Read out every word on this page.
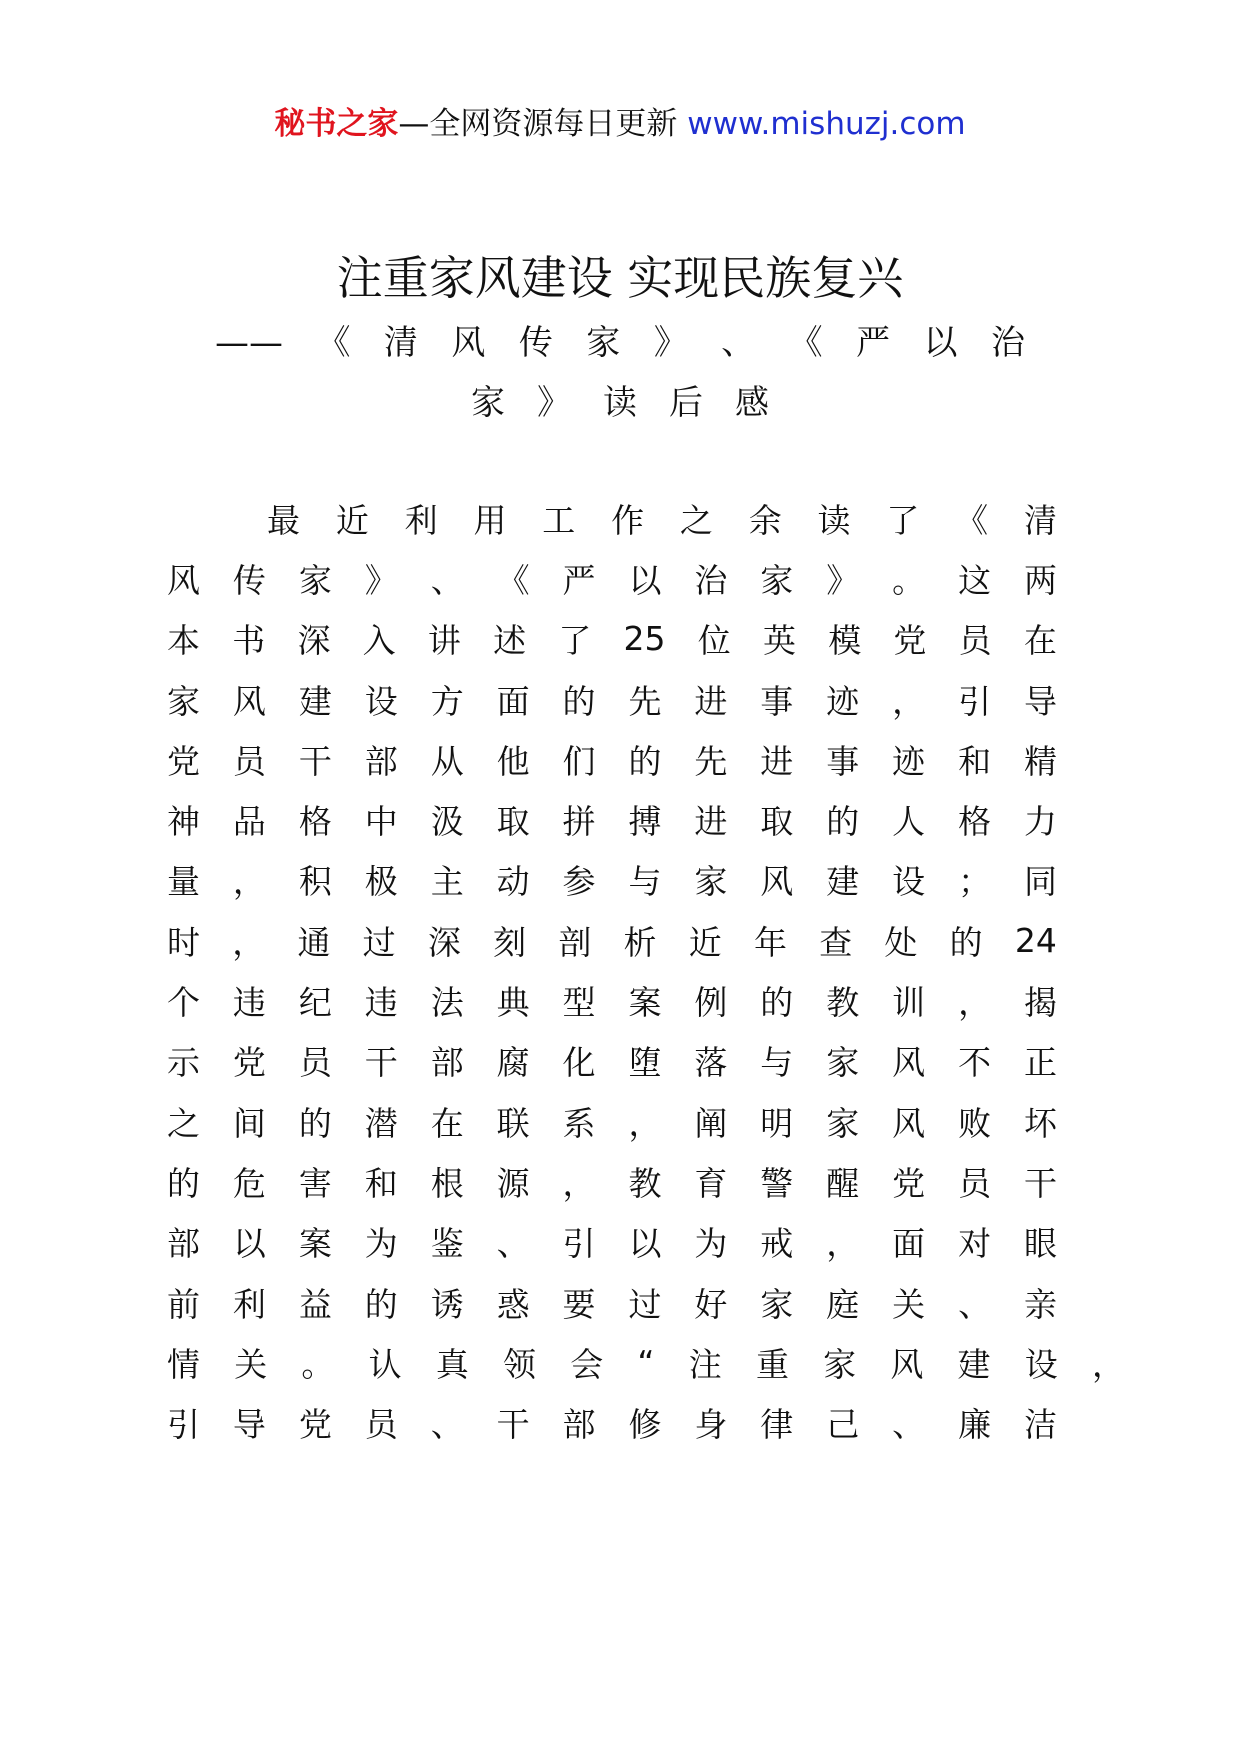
秘书之家—全网资源每日更新 www.mishuzj.com
注重家风建设 实现民族复兴
—— 《 清 风 传 家 》 、 《 严 以 治
家 》 读 后 感
最 近 利 用 工 作 之 余 读 了 《 清
风 传 家 》 、 《 严 以 治 家 》 。 这 两
本 书 深 入 讲 述 了 25 位 英 模 党 员 在
家 风 建 设 方 面 的 先 进 事 迹 ， 引 导
党 员 干 部 从 他 们 的 先 进 事 迹 和 精
神 品 格 中 汲 取 拼 搏 进 取 的 人 格 力
量 ， 积 极 主 动 参 与 家 风 建 设 ； 同
时 ， 通 过 深 刻 剖 析 近 年 查 处 的 24
个 违 纪 违 法 典 型 案 例 的 教 训 ， 揭
示 党 员 干 部 腐 化 堕 落 与 家 风 不 正
之 间 的 潜 在 联 系 ， 阐 明 家 风 败 坏
的 危 害 和 根 源 ， 教 育 警 醒 党 员 干
部 以 案 为 鉴 、 引 以 为 戒 ， 面 对 眼
前 利 益 的 诱 惑 要 过 好 家 庭 关 、 亲
情 关 。 认 真 领 会 “ 注 重 家 风 建 设 ，
引 导 党 员 、 干 部 修 身 律 己 、 廉 洁
